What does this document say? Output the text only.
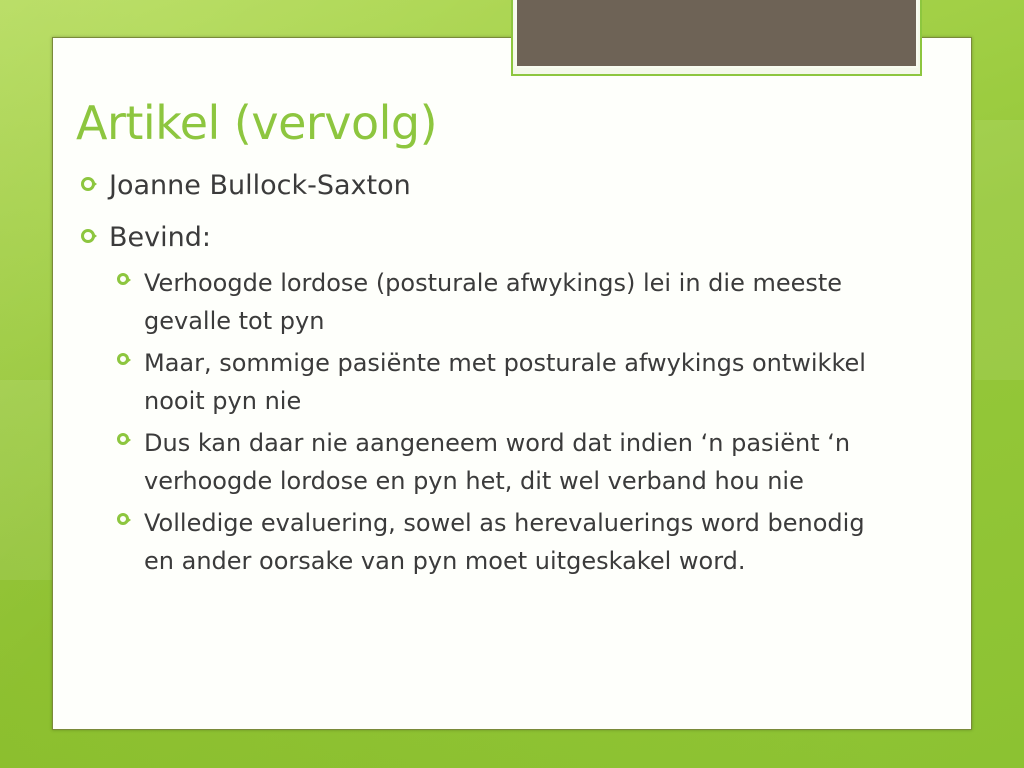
Artikel (vervolg)
Joanne Bullock-Saxton
Bevind:
Verhoogde lordose (posturale afwykings) lei in die meeste gevalle tot pyn
Maar, sommige pasiënte met posturale afwykings ontwikkel nooit pyn nie
Dus kan daar nie aangeneem word dat indien ‘n pasiënt ‘n verhoogde lordose en pyn het, dit wel verband hou nie
Volledige evaluering, sowel as herevaluerings word benodig en ander oorsake van pyn moet uitgeskakel word.
